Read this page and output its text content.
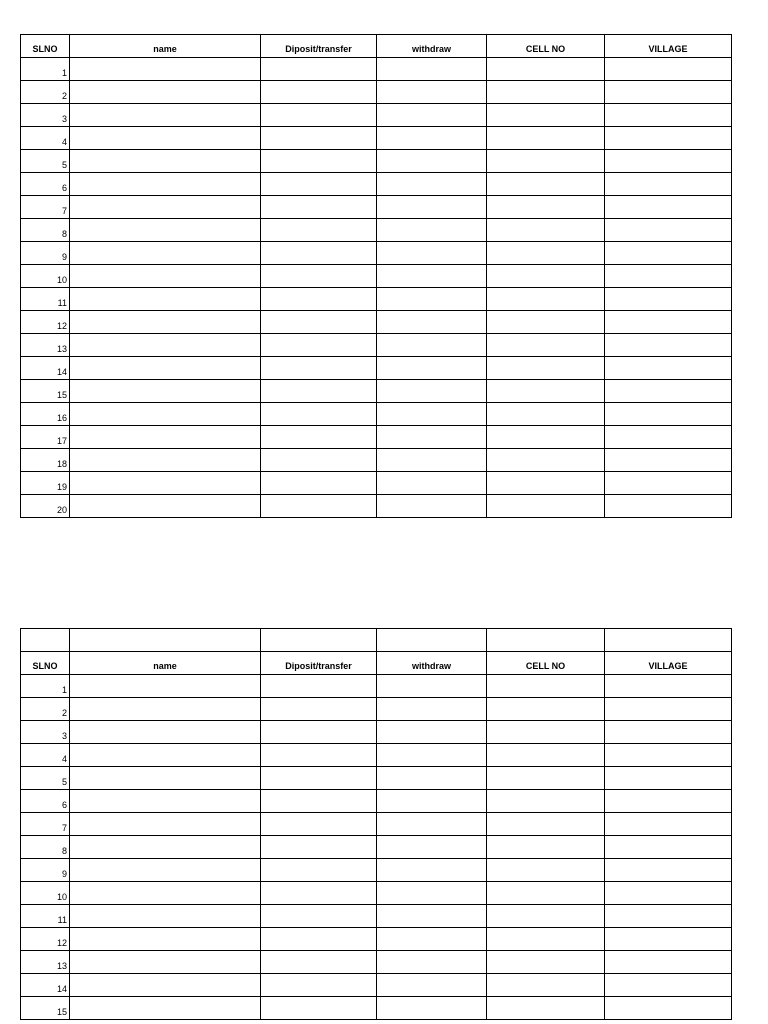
SLNO	name	Diposit/transfer	withdraw	CELL NO	VILLAGE
1					
2					
3					
4					
5					
6					
7					
8					
9					
10					
11					
12					
13					
14					
15					
16					
17					
18					
19					
20					

SLNO	name	Diposit/transfer	withdraw	CELL NO	VILLAGE
1					
2					
3					
4					
5					
6					
7					
8					
9					
10					
11					
12					
13					
14					
15					
